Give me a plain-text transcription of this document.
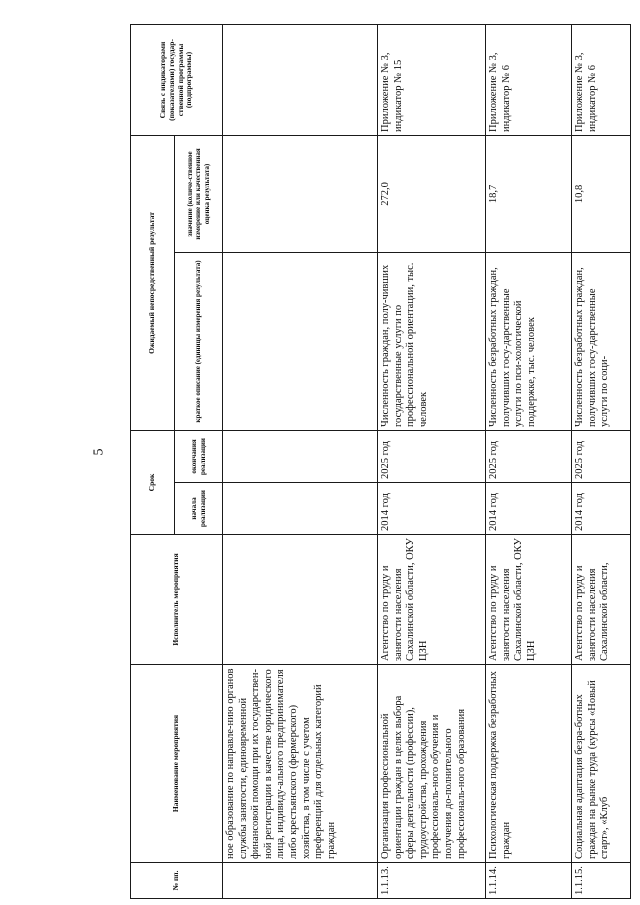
5
№ пп.	Наименование мероприятия	Исполнитель мероприятия	Срок		Ожидаемый непосредственный результат		Связь с индикаторами (показателями) государ-ственной программы (подпрограммы)
			начала реализации	окончания реализации	краткое описание (единицы измерения результата)	значение (количе-ственное измерение или качественная оценка результата)	
	ное образование по направле-нию органов службы занятости, единовременной финансовой помощи при их государствен-ной регистрации в качестве юридического лица, индивиду-ального предпринимателя либо крестьянского (фермерского) хозяйства, в том числе с учетом преференций для отдельных категорий граждан						
1.1.13.	Организация профессиональной ориентации граждан в целях выбора сферы деятельности (профессии), трудоустройства, прохождения профессиональ-ного обучения и получения до-полнительного профессиональ-ного образования	Агентство по труду и занятости населения Сахалинской области, ОКУ ЦЗН	2014 год	2025 год	Численность граждан, полу-чивших государственные услуги по профессиональной ориентации, тыс. человек	272,0	Приложение № 3, индикатор № 15
1.1.14.	Психологическая поддержка безработных граждан	Агентство по труду и занятости населения Сахалинской области, ОКУ ЦЗН	2014 год	2025 год	Численность безработных граждан, получивших госу-дарственные услуги по пси-хологической поддержке, тыс. человек	18,7	Приложение № 3, индикатор № 6
1.1.15.	Социальная адаптация безра-ботных граждан на рынке труда (курсы «Новый старт», «Клуб	Агентство по труду и занятости населения Сахалинской области,	2014 год	2025 год	Численность безработных граждан, получивших госу-дарственные услуги по соци-	10,8	Приложение № 3, индикатор № 6
